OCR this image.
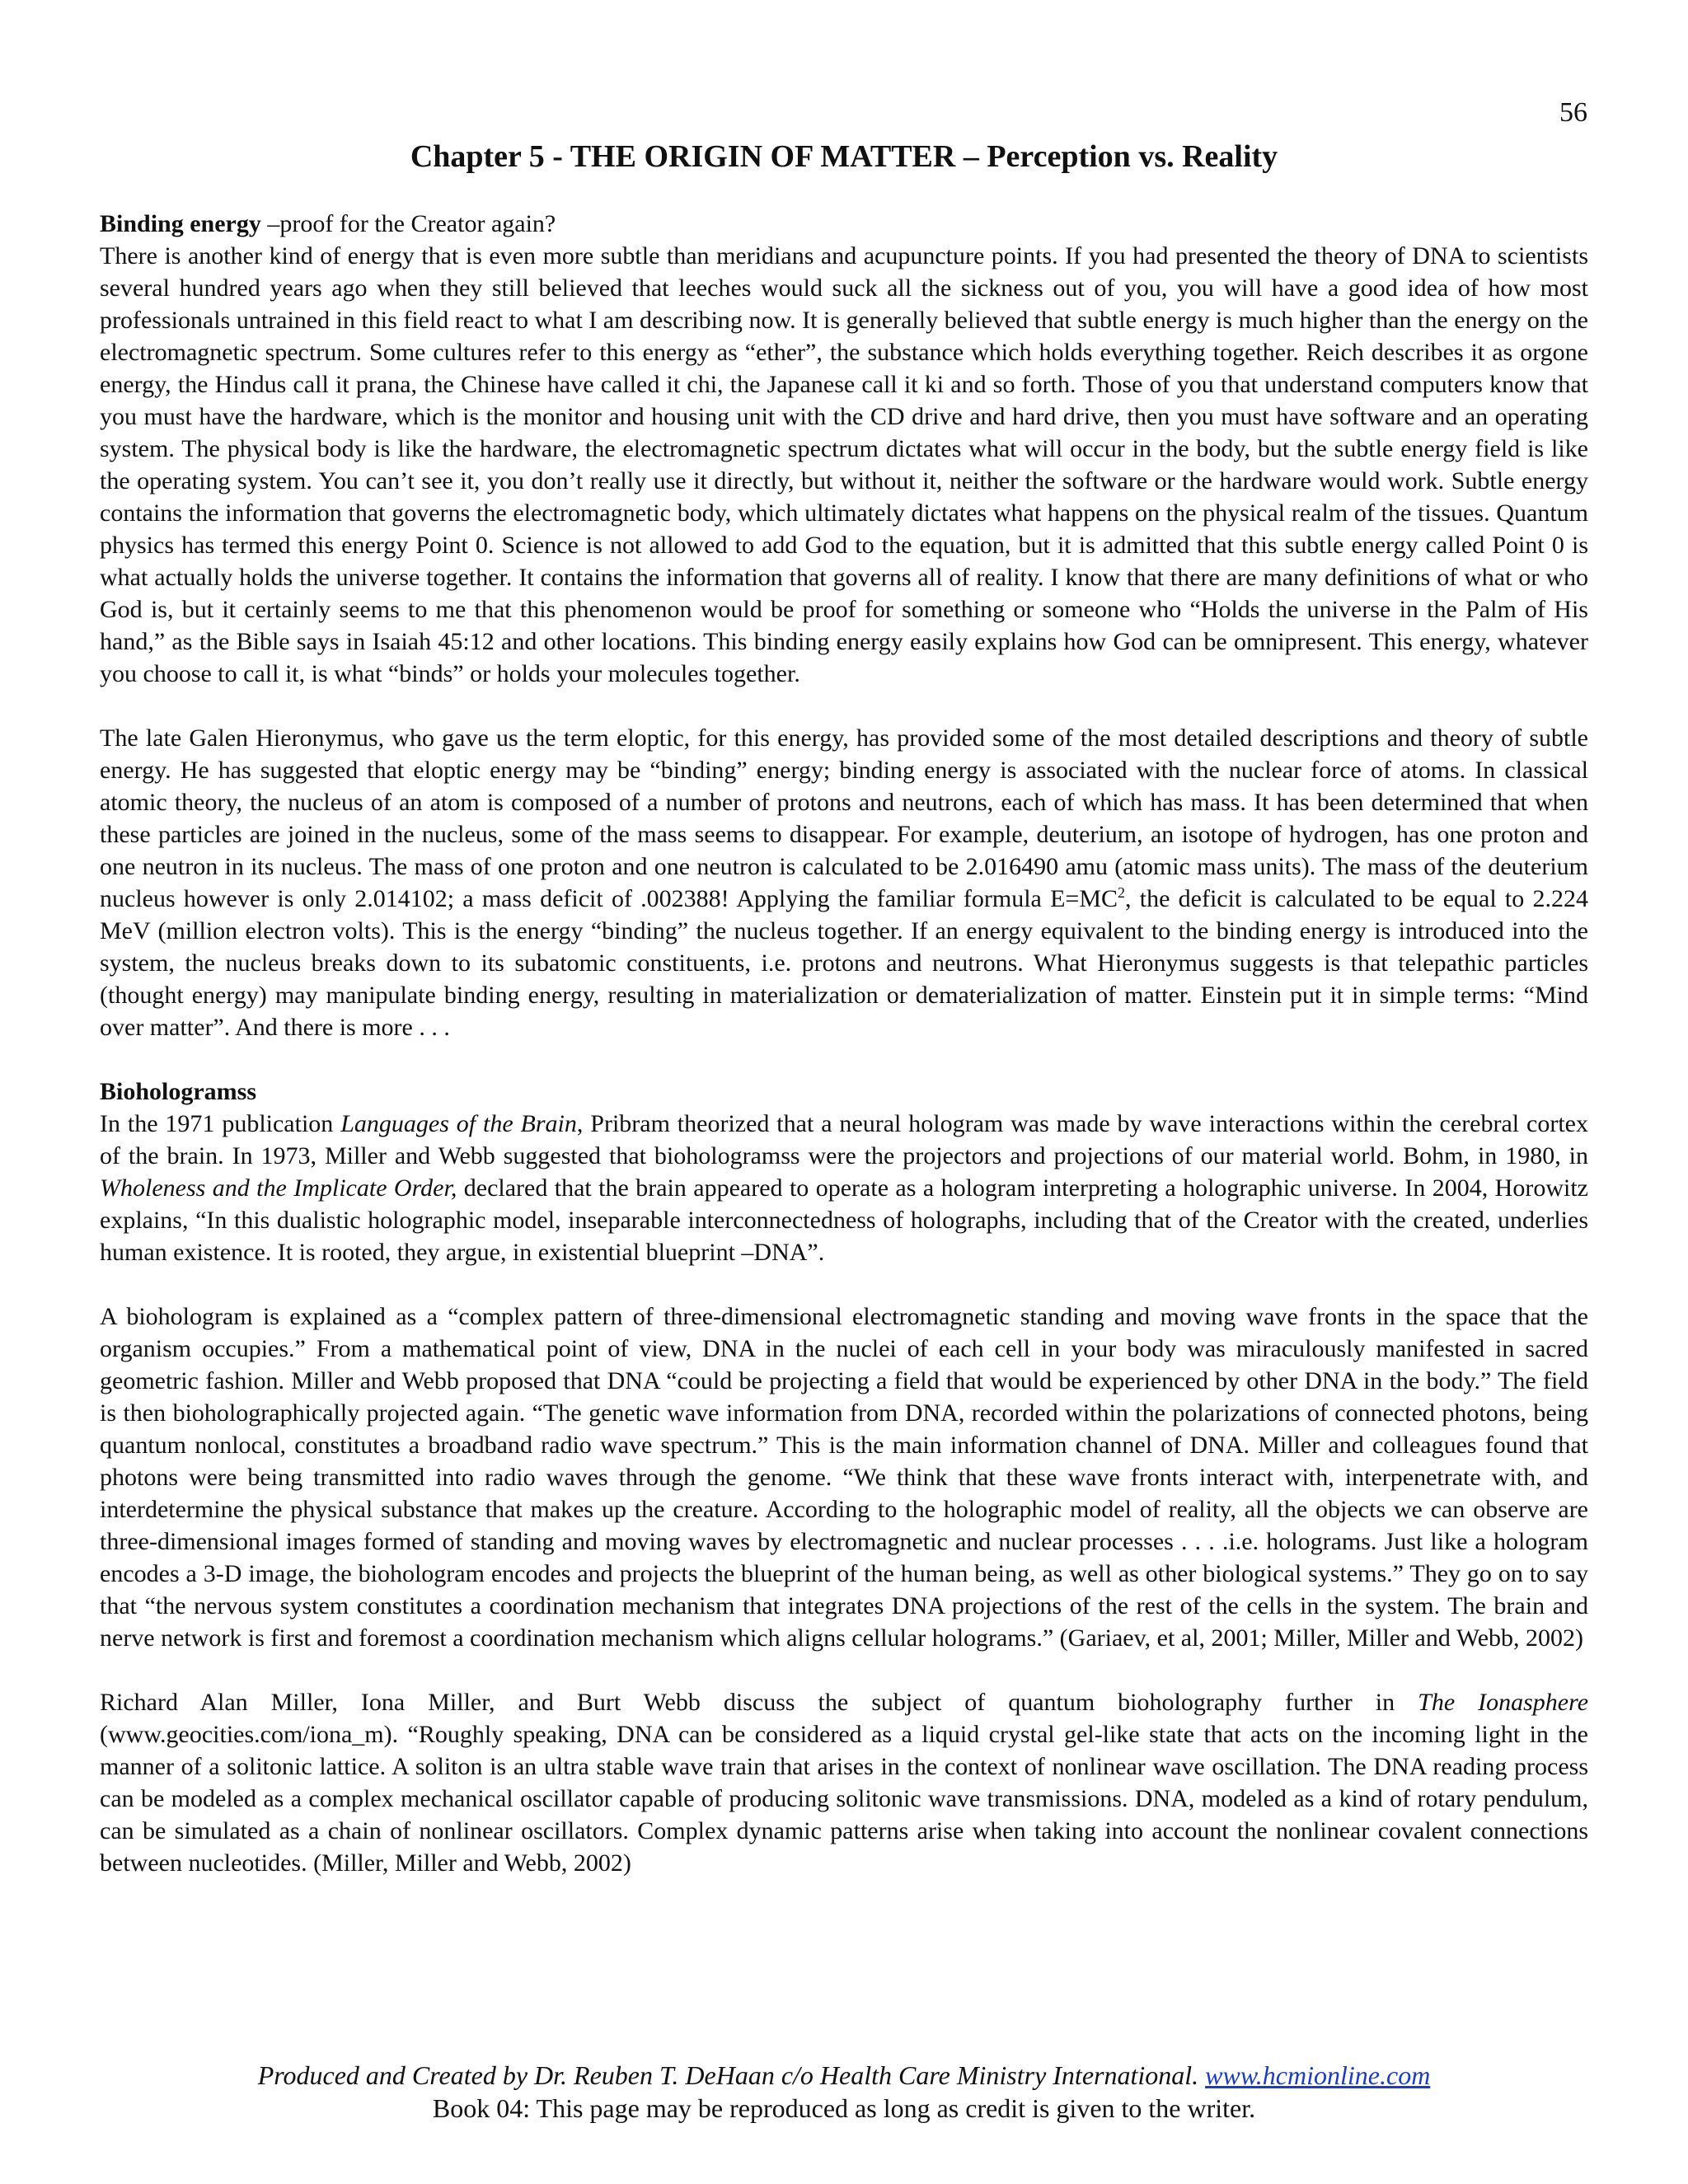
56
Chapter 5 - THE ORIGIN OF MATTER – Perception vs. Reality

Binding energy –proof for the Creator again?

There is another kind of energy that is even more subtle than meridians and acupuncture points. If you had presented the theory of DNA to scientists several hundred years ago when they still believed that leeches would suck all the sickness out of you, you will have a good idea of how most professionals untrained in this field react to what I am describing now. It is generally believed that subtle energy is much higher than the energy on the electromagnetic spectrum. Some cultures refer to this energy as “ether”, the substance which holds everything together. Reich describes it as orgone energy, the Hindus call it prana, the Chinese have called it chi, the Japanese call it ki and so forth. Those of you that understand computers know that you must have the hardware, which is the monitor and housing unit with the CD drive and hard drive, then you must have software and an operating system. The physical body is like the hardware, the electromagnetic spectrum dictates what will occur in the body, but the subtle energy field is like the operating system. You can’t see it, you don’t really use it directly, but without it, neither the software or the hardware would work. Subtle energy contains the information that governs the electromagnetic body, which ultimately dictates what happens on the physical realm of the tissues. Quantum physics has termed this energy Point 0. Science is not allowed to add God to the equation, but it is admitted that this subtle energy called Point 0 is what actually holds the universe together. It contains the information that governs all of reality. I know that there are many definitions of what or who God is, but it certainly seems to me that this phenomenon would be proof for something or someone who “Holds the universe in the Palm of His hand,” as the Bible says in Isaiah 45:12 and other locations. This binding energy easily explains how God can be omnipresent. This energy, whatever you choose to call it, is what “binds” or holds your molecules together.

The late Galen Hieronymus, who gave us the term eloptic, for this energy, has provided some of the most detailed descriptions and theory of subtle energy. He has suggested that eloptic energy may be “binding” energy; binding energy is associated with the nuclear force of atoms. In classical atomic theory, the nucleus of an atom is composed of a number of protons and neutrons, each of which has mass. It has been determined that when these particles are joined in the nucleus, some of the mass seems to disappear. For example, deuterium, an isotope of hydrogen, has one proton and one neutron in its nucleus. The mass of one proton and one neutron is calculated to be 2.016490 amu (atomic mass units). The mass of the deuterium nucleus however is only 2.014102; a mass deficit of .002388! Applying the familiar formula $E=MC^2$, the deficit is calculated to be equal to 2.224 MeV (million electron volts). This is the energy “binding” the nucleus together. If an energy equivalent to the binding energy is introduced into the system, the nucleus breaks down to its subatomic constituents, i.e. protons and neutrons. What Hieronymus suggests is that telepathic particles (thought energy) may manipulate binding energy, resulting in materialization or dematerialization of matter. Einstein put it in simple terms: “Mind over matter”. And there is more . . .

Biohologramss

In the 1971 publication Languages of the Brain, Pribram theorized that a neural hologram was made by wave interactions within the cerebral cortex of the brain. In 1973, Miller and Webb suggested that biohologramss were the projectors and projections of our material world. Bohm, in 1980, in Wholeness and the Implicate Order, declared that the brain appeared to operate as a hologram interpreting a holographic universe. In 2004, Horowitz explains, “In this dualistic holographic model, inseparable interconnectedness of holographs, including that of the Creator with the created, underlies human existence. It is rooted, they argue, in existential blueprint –DNA”.

A biohologram is explained as a “complex pattern of three-dimensional electromagnetic standing and moving wave fronts in the space that the organism occupies.” From a mathematical point of view, DNA in the nuclei of each cell in your body was miraculously manifested in sacred geometric fashion. Miller and Webb proposed that DNA “could be projecting a field that would be experienced by other DNA in the body.” The field is then bioholographically projected again. “The genetic wave information from DNA, recorded within the polarizations of connected photons, being quantum nonlocal, constitutes a broadband radio wave spectrum.” This is the main information channel of DNA. Miller and colleagues found that photons were being transmitted into radio waves through the genome. “We think that these wave fronts interact with, interpenetrate with, and interdetermine the physical substance that makes up the creature. According to the holographic model of reality, all the objects we can observe are three-dimensional images formed of standing and moving waves by electromagnetic and nuclear processes . . . .i.e. holograms. Just like a hologram encodes a 3-D image, the biohologram encodes and projects the blueprint of the human being, as well as other biological systems.” They go on to say that “the nervous system constitutes a coordination mechanism that integrates DNA projections of the rest of the cells in the system. The brain and nerve network is first and foremost a coordination mechanism which aligns cellular holograms.” (Gariaev, et al, 2001; Miller, Miller and Webb, 2002)

Richard Alan Miller, Iona Miller, and Burt Webb discuss the subject of quantum bioholography further in The Ionasphere (www.geocities.com/iona_m). “Roughly speaking, DNA can be considered as a liquid crystal gel-like state that acts on the incoming light in the manner of a solitonic lattice. A soliton is an ultra stable wave train that arises in the context of nonlinear wave oscillation. The DNA reading process can be modeled as a complex mechanical oscillator capable of producing solitonic wave transmissions. DNA, modeled as a kind of rotary pendulum, can be simulated as a chain of nonlinear oscillators. Complex dynamic patterns arise when taking into account the nonlinear covalent connections between nucleotides. (Miller, Miller and Webb, 2002)

Produced and Created by Dr. Reuben T. DeHaan c/o Health Care Ministry International. www.hcmionline.com
Book 04: This page may be reproduced as long as credit is given to the writer.
